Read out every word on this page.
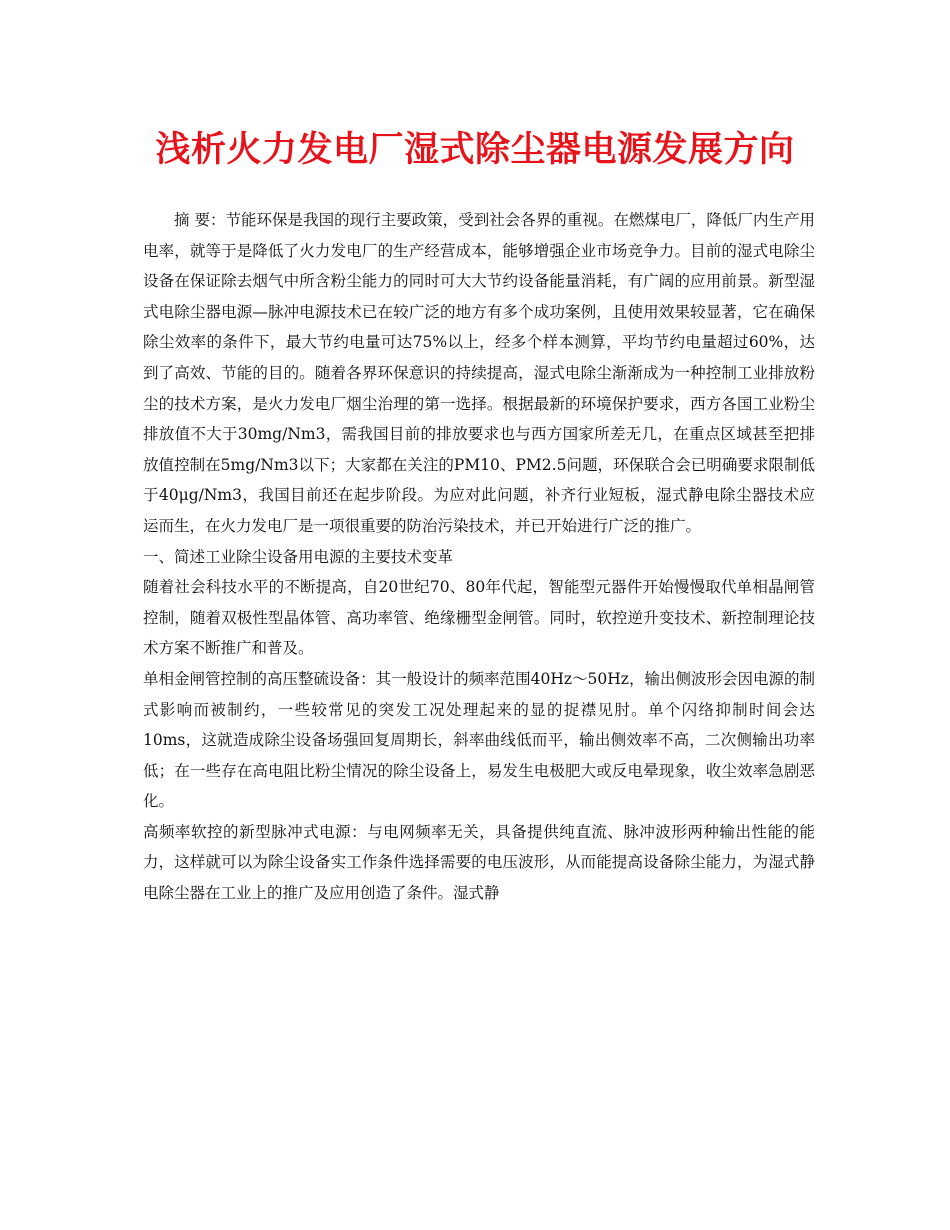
浅析火力发电厂湿式除尘器电源发展方向

摘 要：节能环保是我国的现行主要政策，受到社会各界的重视。在燃煤电厂，降低厂内生产用电率，就等于是降低了火力发电厂的生产经营成本，能够增强企业市场竞争力。目前的湿式电除尘设备在保证除去烟气中所含粉尘能力的同时可大大节约设备能量消耗，有广阔的应用前景。新型湿式电除尘器电源—脉冲电源技术已在较广泛的地方有多个成功案例，且使用效果较显著，它在确保除尘效率的条件下，最大节约电量可达75%以上，经多个样本测算，平均节约电量超过60%，达到了高效、节能的目的。随着各界环保意识的持续提高，湿式电除尘渐渐成为一种控制工业排放粉尘的技术方案，是火力发电厂烟尘治理的第一选择。根据最新的环境保护要求，西方各国工业粉尘排放值不大于30mg/Nm3，需我国目前的排放要求也与西方国家所差无几，在重点区域甚至把排放值控制在5mg/Nm3以下；大家都在关注的PM10、PM2.5问题，环保联合会已明确要求限制低于40μg/Nm3，我国目前还在起步阶段。为应对此问题，补齐行业短板，湿式静电除尘器技术应运而生，在火力发电厂是一项很重要的防治污染技术，并已开始进行广泛的推广。

一、简述工业除尘设备用电源的主要技术变革

随着社会科技水平的不断提高，自20世纪70、80年代起，智能型元器件开始慢慢取代单相晶闸管控制，随着双极性型晶体管、高功率管、绝缘栅型金闸管。同时，软控逆升变技术、新控制理论技术方案不断推广和普及。

单相金闸管控制的高压整硫设备：其一般设计的频率范围40Hz～50Hz，输出侧波形会因电源的制式影响而被制约，一些较常见的突发工况处理起来的显的捉襟见肘。单个闪络抑制时间会达10ms，这就造成除尘设备场强回复周期长，斜率曲线低而平，输出侧效率不高，二次侧输出功率低；在一些存在高电阻比粉尘情况的除尘设备上，易发生电极肥大或反电晕现象，收尘效率急剧恶化。

高频率软控的新型脉冲式电源：与电网频率无关，具备提供纯直流、脉冲波形两种输出性能的能力，这样就可以为除尘设备实工作条件选择需要的电压波形，从而能提高设备除尘能力，为湿式静电除尘器在工业上的推广及应用创造了条件。湿式静
